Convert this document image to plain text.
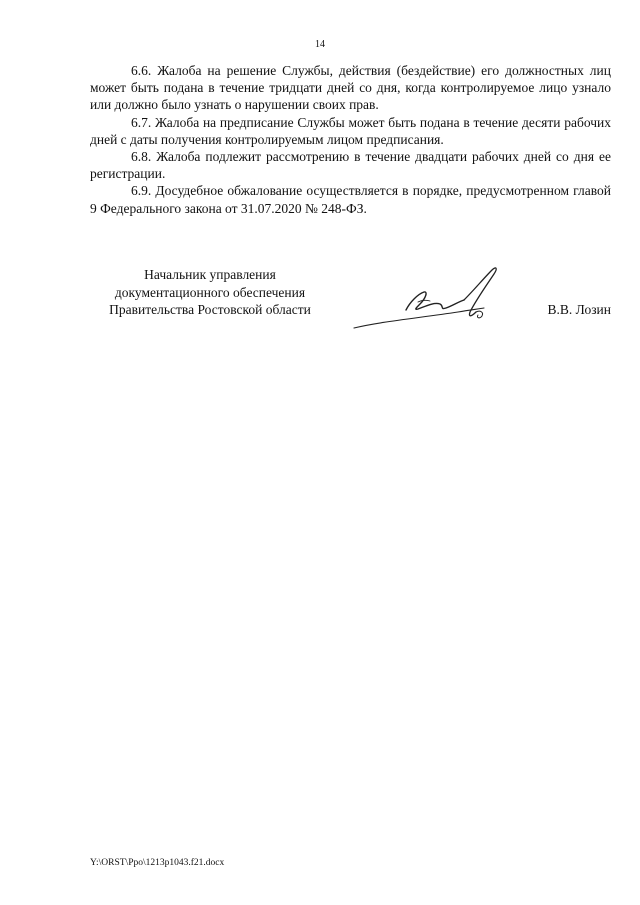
14

6.6. Жалоба на решение Службы, действия (бездействие) его должностных лиц может быть подана в течение тридцати дней со дня, когда контролируемое лицо узнало или должно было узнать о нарушении своих прав.

6.7. Жалоба на предписание Службы может быть подана в течение десяти рабочих дней с даты получения контролируемым лицом предписания.

6.8. Жалоба подлежит рассмотрению в течение двадцати рабочих дней со дня ее регистрации.

6.9. Досудебное обжалование осуществляется в порядке, предусмотренном главой 9 Федерального закона от 31.07.2020 № 248-ФЗ.

Начальник управления
документационного обеспечения
Правительства Ростовской области	В.В. Лозин
Y:\ORST\Ppo\1213p1043.f21.docx
